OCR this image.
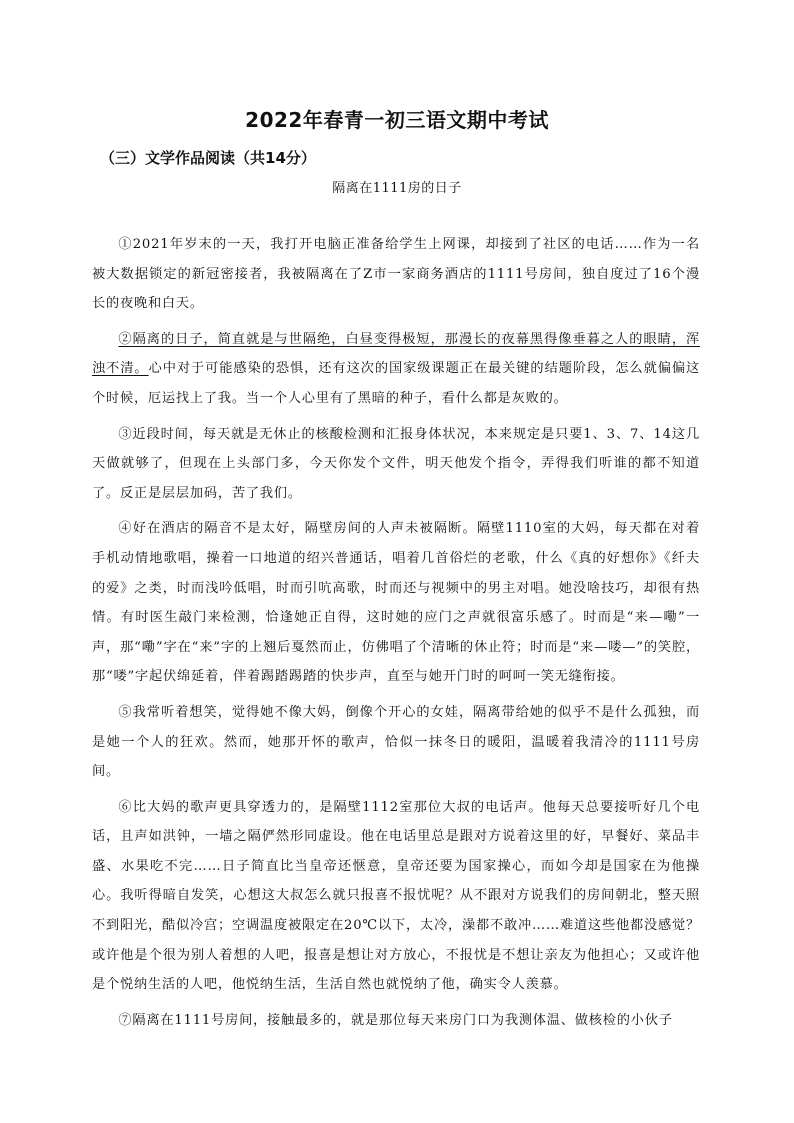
2022年春青一初三语文期中考试
（三）文学作品阅读（共14分）
隔离在1111房的日子

①2021年岁末的一天，我打开电脑正准备给学生上网课，却接到了社区的电话……作为一名被大数据锁定的新冠密接者，我被隔离在了Z市一家商务酒店的1111号房间，独自度过了16个漫长的夜晚和白天。

②隔离的日子，简直就是与世隔绝，白昼变得极短，那漫长的夜幕黑得像垂暮之人的眼睛，浑浊不清。心中对于可能感染的恐惧，还有这次的国家级课题正在最关键的结题阶段，怎么就偏偏这个时候，厄运找上了我。当一个人心里有了黑暗的种子，看什么都是灰败的。

③近段时间，每天就是无休止的核酸检测和汇报身体状况，本来规定是只要1、3、7、14这几天做就够了，但现在上头部门多，今天你发个文件，明天他发个指令，弄得我们听谁的都不知道了。反正是层层加码，苦了我们。

④好在酒店的隔音不是太好，隔壁房间的人声未被隔断。隔壁1110室的大妈，每天都在对着手机动情地歌唱，操着一口地道的绍兴普通话，唱着几首俗烂的老歌，什么《真的好想你》《纤夫的爱》之类，时而浅吟低唱，时而引吭高歌，时而还与视频中的男主对唱。她没啥技巧，却很有热情。有时医生敲门来检测，恰逢她正自得，这时她的应门之声就很富乐感了。时而是“来—嘞”一声，那“嘞”字在“来”字的上翘后戛然而止，仿佛唱了个清晰的休止符；时而是“来—喽—”的笑腔，那“喽”字起伏绵延着，伴着踢踏踢踏的快步声，直至与她开门时的呵呵一笑无缝衔接。

⑤我常听着想笑，觉得她不像大妈，倒像个开心的女娃，隔离带给她的似乎不是什么孤独，而是她一个人的狂欢。然而，她那开怀的歌声，恰似一抹冬日的暖阳，温暖着我清冷的1111号房间。

⑥比大妈的歌声更具穿透力的，是隔壁1112室那位大叔的电话声。他每天总要接听好几个电话，且声如洪钟，一墙之隔俨然形同虚设。他在电话里总是跟对方说着这里的好，早餐好、菜品丰盛、水果吃不完……日子简直比当皇帝还惬意，皇帝还要为国家操心，而如今却是国家在为他操心。我听得暗自发笑，心想这大叔怎么就只报喜不报忧呢？从不跟对方说我们的房间朝北，整天照不到阳光，酷似冷宫；空调温度被限定在20℃以下，太冷，澡都不敢冲……难道这些他都没感觉？或许他是个很为别人着想的人吧，报喜是想让对方放心，不报忧是不想让亲友为他担心；又或许他是个悦纳生活的人吧，他悦纳生活，生活自然也就悦纳了他，确实令人羡慕。

⑦隔离在1111号房间，接触最多的，就是那位每天来房门口为我测体温、做核检的小伙子
